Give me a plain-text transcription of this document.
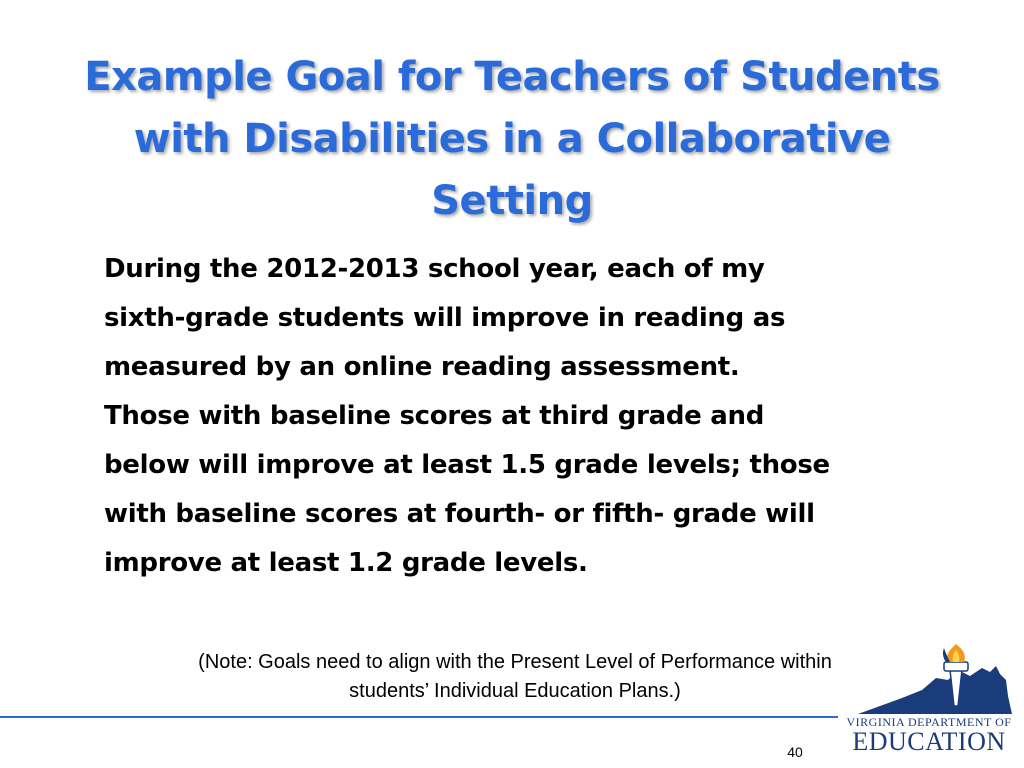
Example Goal for Teachers of Students
with Disabilities in a Collaborative
Setting

During the 2012-2013 school year, each of my
sixth-grade students will improve in reading as
measured by an online reading assessment.
Those with baseline scores at third grade and
below will improve at least 1.5 grade levels; those
with baseline scores at fourth- or fifth- grade will
improve at least 1.2 grade levels.

(Note: Goals need to align with the Present Level of Performance within
students’ Individual Education Plans.)

40
VIRGINIA DEPARTMENT OF
EDUCATION
